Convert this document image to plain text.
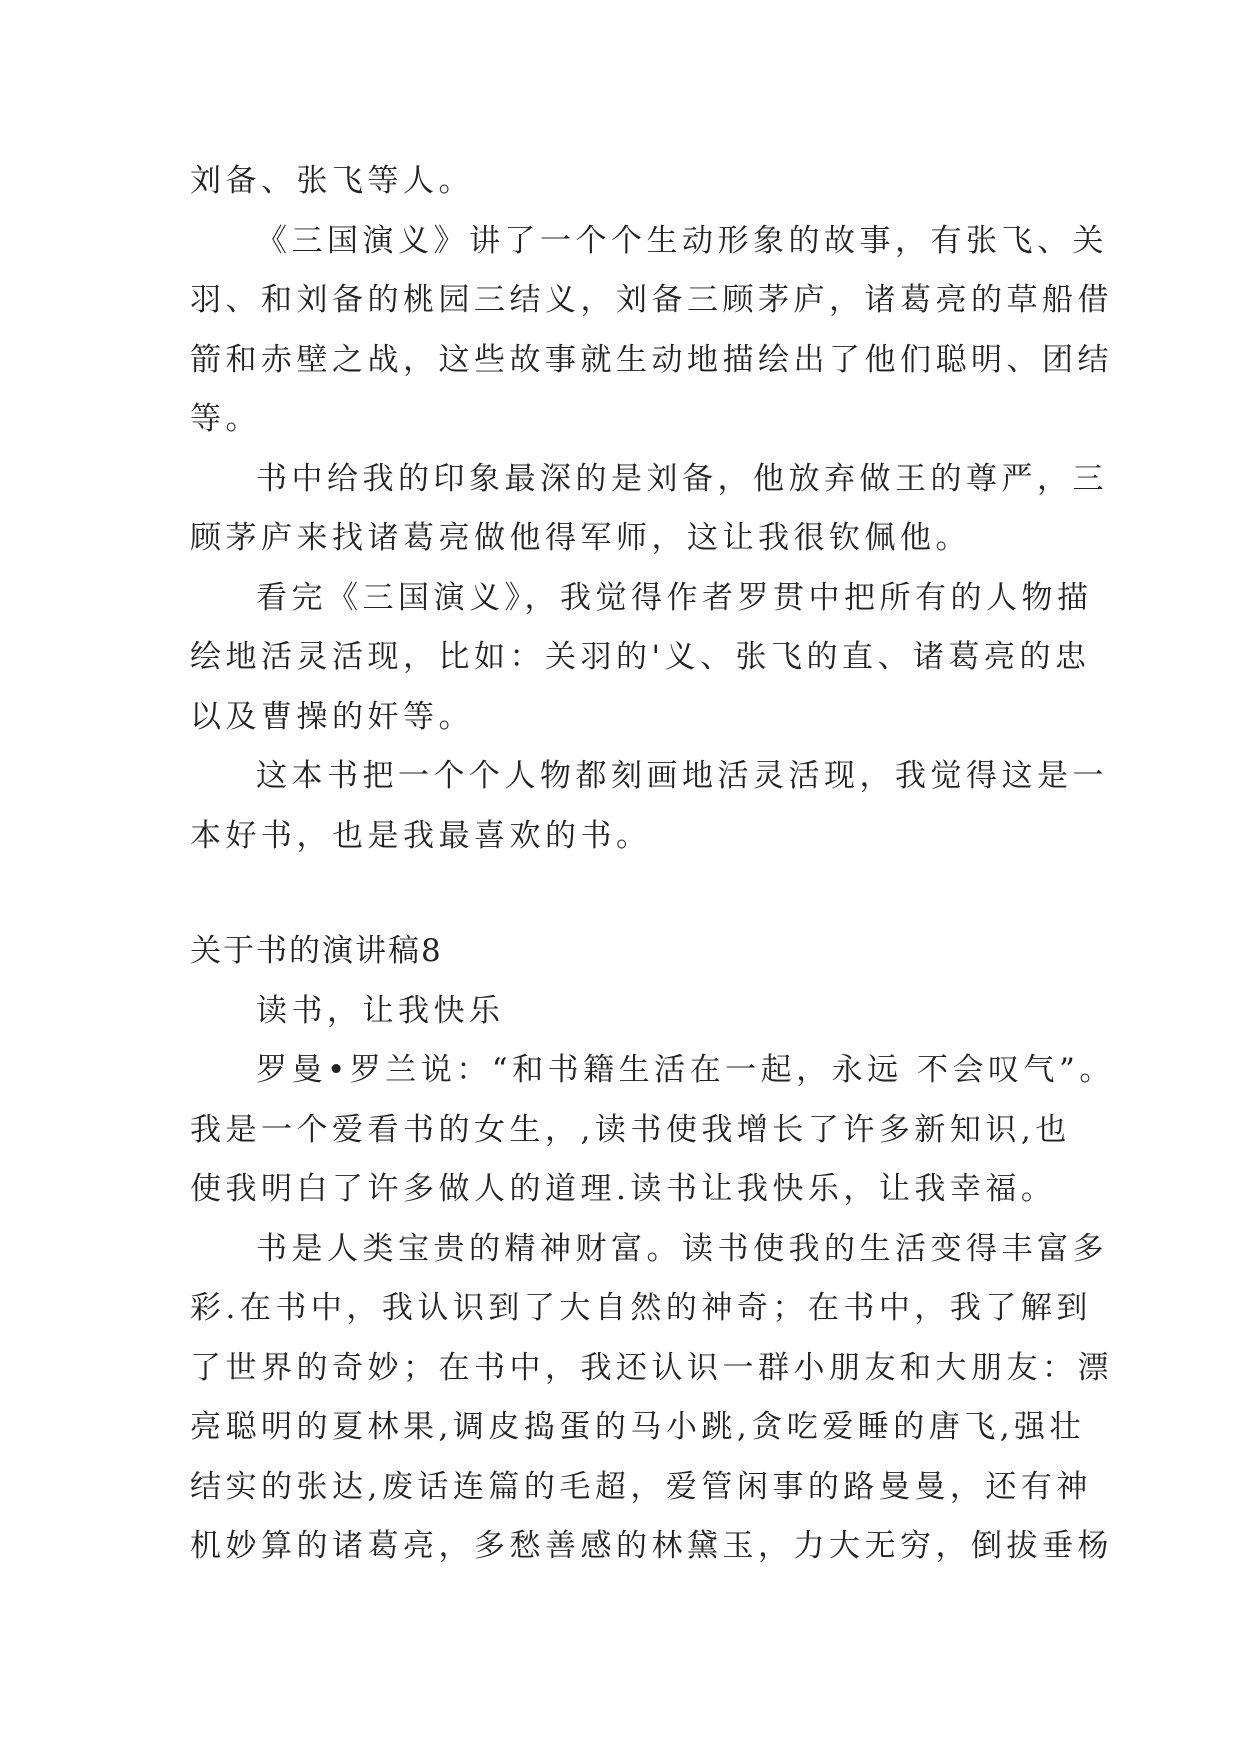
刘备、张飞等人。
《三国演义》讲了一个个生动形象的故事，有张飞、关
羽、和刘备的桃园三结义，刘备三顾茅庐，诸葛亮的草船借
箭和赤壁之战，这些故事就生动地描绘出了他们聪明、团结
等。
书中给我的印象最深的是刘备，他放弃做王的尊严，三
顾茅庐来找诸葛亮做他得军师，这让我很钦佩他。
看完《三国演义》，我觉得作者罗贯中把所有的人物描
绘地活灵活现，比如：关羽的'义、张飞的直、诸葛亮的忠
以及曹操的奸等。
这本书把一个个人物都刻画地活灵活现，我觉得这是一
本好书，也是我最喜欢的书。
关于书的演讲稿8
读书，让我快乐
罗曼•罗兰说：“和书籍生活在一起，永远 不会叹气”。
我是一个爱看书的女生，,读书使我增长了许多新知识,也
使我明白了许多做人的道理.读书让我快乐，让我幸福。
书是人类宝贵的精神财富。读书使我的生活变得丰富多
彩.在书中，我认识到了大自然的神奇；在书中，我了解到
了世界的奇妙；在书中，我还认识一群小朋友和大朋友：漂
亮聪明的夏林果,调皮捣蛋的马小跳,贪吃爱睡的唐飞,强壮
结实的张达,废话连篇的毛超，爱管闲事的路曼曼，还有神
机妙算的诸葛亮，多愁善感的林黛玉，力大无穷，倒拔垂杨
